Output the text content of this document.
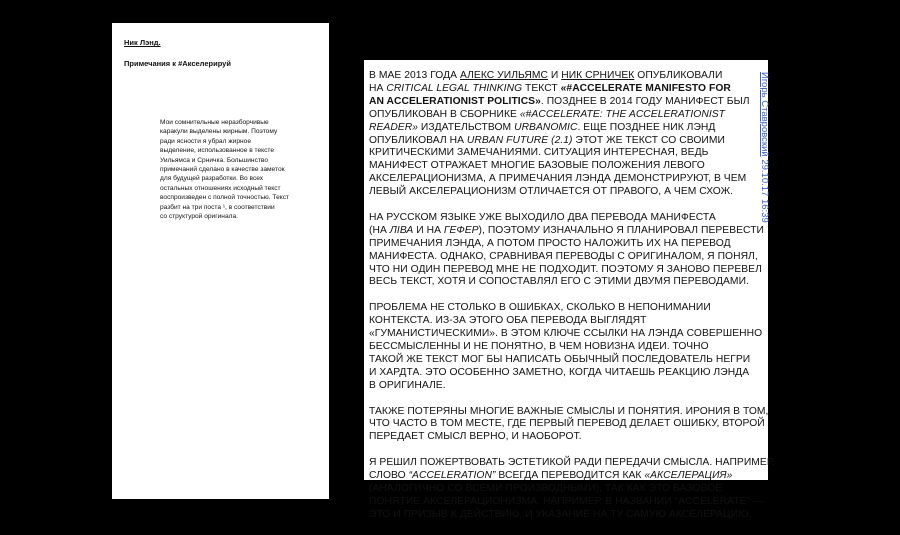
Ник Лэнд.

Примечания к #Акселерируй

Мои сомнительные неразборчивые
каракули выделены жирным. Поэтому
ради ясности я убрал жирное
выделение, использованное в тексте
Уильямса и Срничка. Большинство
примечаний сделано в качестве заметок
для будущей разработки. Во всех
остальных отношениях исходный текст
воспроизведен с полной точностью. Текст
разбит на три поста ¹, в соответствии
со структурой оригинала.

В МАЕ 2013 ГОДА АЛЕКС УИЛЬЯМС И НИК СРНИЧЕК ОПУБЛИКОВАЛИ
НА CRITICAL LEGAL THINKING ТЕКСТ «#ACCELERATE MANIFESTO FOR
AN ACCELERATIONIST POLITICS». ПОЗДНЕЕ В 2014 ГОДУ МАНИФЕСТ БЫЛ
ОПУБЛИКОВАН В СБОРНИКЕ «#ACCELERATE: THE ACCELERATIONIST
READER» ИЗДАТЕЛЬСТВОМ URBANOMIC. ЕЩЕ ПОЗДНЕЕ НИК ЛЭНД
ОПУБЛИКОВАЛ НА URBAN FUTURE (2.1) ЭТОТ ЖЕ ТЕКСТ СО СВОИМИ
КРИТИЧЕСКИМИ ЗАМЕЧАНИЯМИ. СИТУАЦИЯ ИНТЕРЕСНАЯ, ВЕДЬ
МАНИФЕСТ ОТРАЖАЕТ МНОГИЕ БАЗОВЫЕ ПОЛОЖЕНИЯ ЛЕВОГО
АКСЕЛЕРАЦИОНИЗМА, А ПРИМЕЧАНИЯ ЛЭНДА ДЕМОНСТРИРУЮТ, В ЧЕМ
ЛЕВЫЙ АКСЕЛЕРАЦИОНИЗМ ОТЛИЧАЕТСЯ ОТ ПРАВОГО, А ЧЕМ СХОЖ.

НА РУССКОМ ЯЗЫКЕ УЖЕ ВЫХОДИЛО ДВА ПЕРЕВОДА МАНИФЕСТА
(НА ЛІВА И НА ГЕФЕР), ПОЭТОМУ ИЗНАЧАЛЬНО Я ПЛАНИРОВАЛ ПЕРЕВЕСТИ
ПРИМЕЧАНИЯ ЛЭНДА, А ПОТОМ ПРОСТО НАЛОЖИТЬ ИХ НА ПЕРЕВОД
МАНИФЕСТА. ОДНАКО, СРАВНИВАЯ ПЕРЕВОДЫ С ОРИГИНАЛОМ, Я ПОНЯЛ,
ЧТО НИ ОДИН ПЕРЕВОД МНЕ НЕ ПОДХОДИТ. ПОЭТОМУ Я ЗАНОВО ПЕРЕВЕЛ
ВЕСЬ ТЕКСТ, ХОТЯ И СОПОСТАВЛЯЛ ЕГО С ЭТИМИ ДВУМЯ ПЕРЕВОДАМИ.

ПРОБЛЕМА НЕ СТОЛЬКО В ОШИБКАХ, СКОЛЬКО В НЕПОНИМАНИИ
КОНТЕКСТА. ИЗ-ЗА ЭТОГО ОБА ПЕРЕВОДА ВЫГЛЯДЯТ
«ГУМАНИСТИЧЕСКИМИ». В ЭТОМ КЛЮЧЕ ССЫЛКИ НА ЛЭНДА СОВЕРШЕННО
БЕССМЫСЛЕННЫ И НЕ ПОНЯТНО, В ЧЕМ НОВИЗНА ИДЕИ. ТОЧНО
ТАКОЙ ЖЕ ТЕКСТ МОГ БЫ НАПИСАТЬ ОБЫЧНЫЙ ПОСЛЕДОВАТЕЛЬ НЕГРИ
И ХАРДТА. ЭТО ОСОБЕННО ЗАМЕТНО, КОГДА ЧИТАЕШЬ РЕАКЦИЮ ЛЭНДА
В ОРИГИНАЛЕ.

ТАКЖЕ ПОТЕРЯНЫ МНОГИЕ ВАЖНЫЕ СМЫСЛЫ И ПОНЯТИЯ. ИРОНИЯ В ТОМ,
ЧТО ЧАСТО В ТОМ МЕСТЕ, ГДЕ ПЕРВЫЙ ПЕРЕВОД ДЕЛАЕТ ОШИБКУ, ВТОРОЙ
ПЕРЕДАЕТ СМЫСЛ ВЕРНО, И НАОБОРОТ.

Я РЕШИЛ ПОЖЕРТВОВАТЬ ЭСТЕТИКОЙ РАДИ ПЕРЕДАЧИ СМЫСЛА. НАПРИМЕР,
СЛОВО “ACCELERATION” ВСЕГДА ПЕРЕВОДИТСЯ КАК «АКСЕЛЕРАЦИЯ»
(АНАЛОГИЧНО СО ВСЕМИ ПРОИЗВОДНЫМИ), ТАК КАК ЭТО БАЗОВОЕ
ПОНЯТИЕ АКСЕЛЕРАЦИОНИЗМА. НАПРИМЕР, В НАЗВАНИИ “ACCELERATE” —
ЭТО И ПРИЗЫВ К ДЕЙСТВИЮ, И УКАЗАНИЕ НА ТУ САМУЮ АКСЕЛЕРАЦИЮ.

Игорь Ставровский 29.10.17 16:39
